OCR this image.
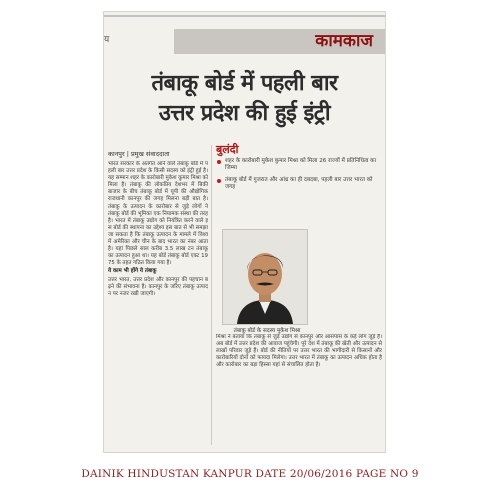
य	कामकाज
तंबाकू बोर्ड में पहली बार
उत्तर प्रदेश की हुई इंट्री
कानपुर | प्रमुख संवाददाता

भारत सरकार के अंतर्गत आने वाले तंबाकू बोर्ड में पहली बार उत्तर प्रदेश के किसी सदस्य को इंट्री हुई है। यह सम्मान शहर के कारोबारी मुकेश कुमार मिश्रा को मिला है। तंबाकू की लोकप्रिय देशभर में बिकी बाजार के बीच तंबाकू बोर्ड में यूपी की औद्योगिक राजधानी कानपुर की जगह मिलना बड़ी बात है। तंबाकू के उत्पादन के कारोबार से जुड़े लोगों ने तंबाकू बोर्ड की भूमिका एक नियामक संस्था की तरह है। भारत में तंबाकू उद्योग को नियंत्रित करने वाले इस बोर्ड की स्थापना का उद्देश्य इस बात से भी समझा जा सकता है कि तंबाकू उत्पादन के मामले में विश्व में अमेरिका और चीन के बाद भारत का नंबर आता है। यहां पिछले साल करीब 3.5 लाख टन तंबाकू का उत्पादन हुआ था। यह बोर्ड तंबाकू बोर्ड एक्ट 1975 के तहत गठित किया गया है।

ये काम भी होंगे ये तंबाकू

उत्तर भारत, उत्तर प्रदेश और कानपुर की पहचान बढ़ने की संभावना है। कानपुर के जरिए तंबाकू उत्पादन पर नजर रखी जाएगी।

बुलंदी
शहर के कारोबारी मुकेश कुमार मिश्रा को मिला 26 राज्यों में प्रतिनिधित्व का जिम्मा
तंबाकू बोर्ड में गुजरात और आंध्र का ही दबदबा, पहली बार उत्तर भारत को जगह
तंबाकू बोर्ड के सदस्य मुकेश मिश्रा
मिश्रा ने बताया कि तंबाकू से जुड़े उद्योग से कानपुर और आसपास के कई लोग जुड़े हैं। अब बोर्ड में उत्तर प्रदेश की आवाज पहुंचेगी। पूरे देश में तंबाकू की खेती और उत्पादन से लाखों परिवार जुड़े हैं। बोर्ड की नीतियों पर उत्तर भारत की भागीदारी से किसानों और कारोबारियों दोनों को फायदा मिलेगा। उत्तर भारत में तंबाकू का उत्पादन अधिक होता है और कारोबार का बड़ा हिस्सा यहां से संचालित होता है।
DAINIK HINDUSTAN KANPUR DATE 20/06/2016 PAGE NO 9
